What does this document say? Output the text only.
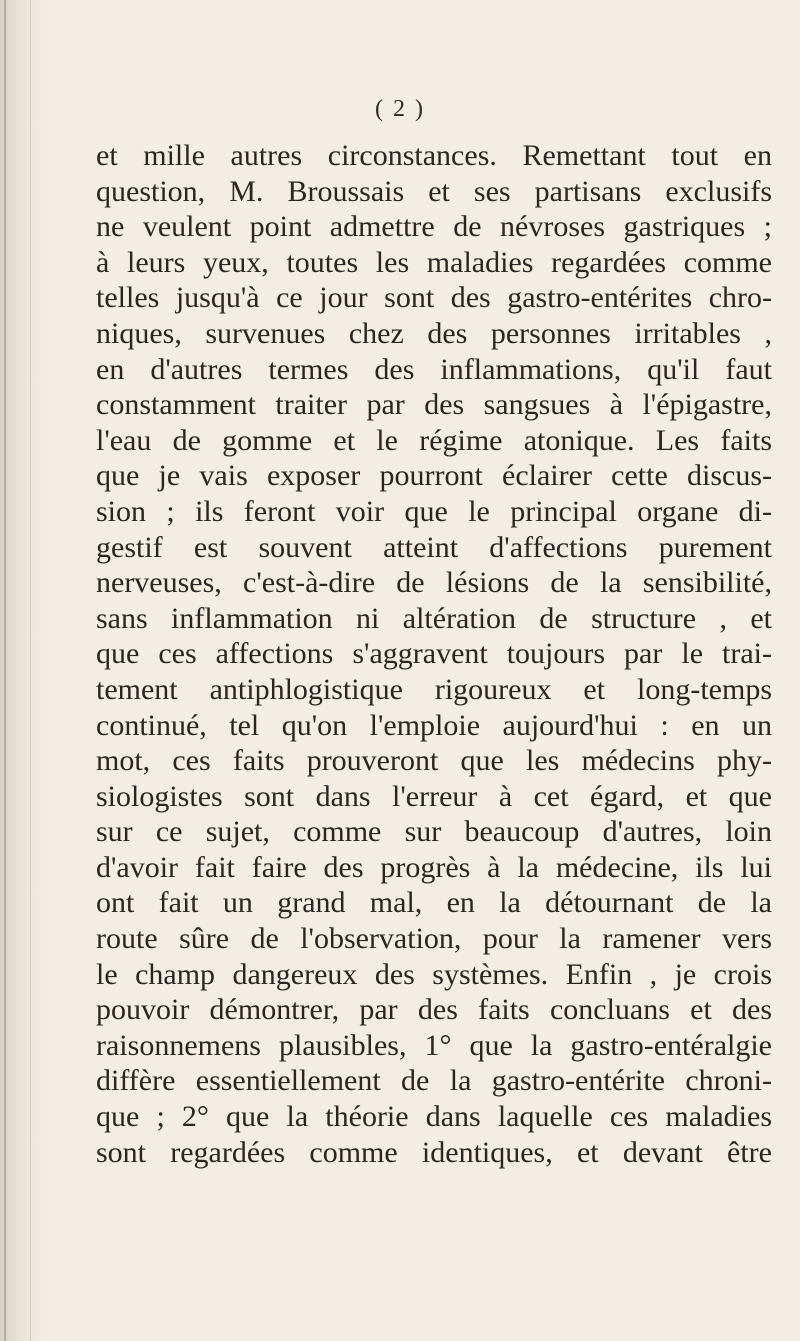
( 2 )
et mille autres circonstances. Remettant tout en
question, M. Broussais et ses partisans exclusifs
ne veulent point admettre de névroses gastriques ;
à leurs yeux, toutes les maladies regardées comme
telles jusqu'à ce jour sont des gastro-entérites chro-
niques, survenues chez des personnes irritables ,
en d'autres termes des inflammations, qu'il faut
constamment traiter par des sangsues à l'épigastre,
l'eau de gomme et le régime atonique. Les faits
que je vais exposer pourront éclairer cette discus-
sion ; ils feront voir que le principal organe di-
gestif est souvent atteint d'affections purement
nerveuses, c'est-à-dire de lésions de la sensibilité,
sans inflammation ni altération de structure , et
que ces affections s'aggravent toujours par le trai-
tement antiphlogistique rigoureux et long-temps
continué, tel qu'on l'emploie aujourd'hui : en un
mot, ces faits prouveront que les médecins phy-
siologistes sont dans l'erreur à cet égard, et que
sur ce sujet, comme sur beaucoup d'autres, loin
d'avoir fait faire des progrès à la médecine, ils lui
ont fait un grand mal, en la détournant de la
route sûre de l'observation, pour la ramener vers
le champ dangereux des systèmes. Enfin , je crois
pouvoir démontrer, par des faits concluans et des
raisonnemens plausibles, 1° que la gastro-entéralgie
diffère essentiellement de la gastro-entérite chroni-
que ; 2° que la théorie dans laquelle ces maladies
sont regardées comme identiques, et devant être
